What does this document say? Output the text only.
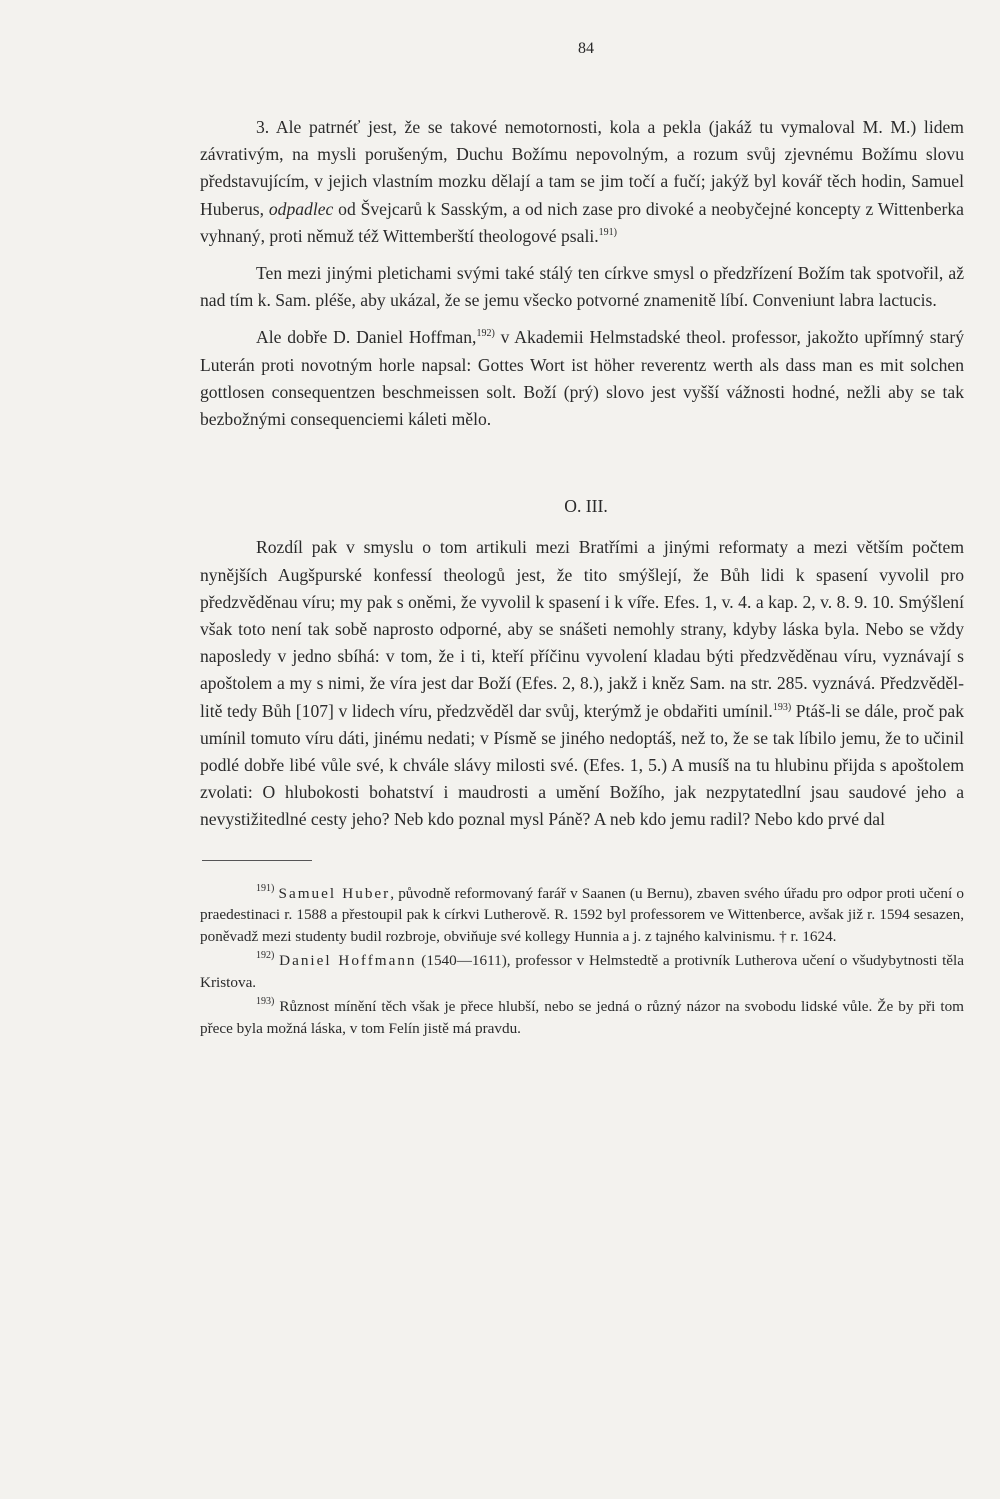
84

3. Ale patrnéť jest, že se takové nemotornosti, kola a pekla (jakáž tu vymaloval M. M.) lidem závrativým, na mysli porušeným, Duchu Božímu nepovolným, a rozum svůj zjevnému Božímu slovu představujícím, v jejich vlastním mozku dělají a tam se jim točí a fučí; jakýž byl kovář těch hodin, Samuel Huberus, odpadlec od Švejcarů k Sasským, a od nich zase pro divoké a neobyčejné koncepty z Wittenberka vyhnaný, proti němuž též Wittemberští theologové psali.$^{191)}$

Ten mezi jinými pletichami svými také stálý ten církve smysl o předzřízení Božím tak spotvořil, až nad tím k. Sam. pléše, aby ukázal, že se jemu všecko potvorné znamenitě líbí. Conveniunt labra lactucis.

Ale dobře D. Daniel Hoffman,$^{192)}$ v Akademii Helmstadské theol. professor, jakožto upřímný starý Luterán proti novotným horle napsal: Gottes Wort ist höher reverentz werth als dass man es mit solchen gottlosen consequentzen beschmeissen solt. Boží (prý) slovo jest vyšší vážnosti hodné, nežli aby se tak bezbožnými consequenciemi káleti mělo.

O. III.

Rozdíl pak v smyslu o tom artikuli mezi Bratřími a jinými reformaty a mezi větším počtem nynějších Augšpurské konfessí theologů jest, že tito smýšlejí, že Bůh lidi k spasení vyvolil pro předzvěděnau víru; my pak s oněmi, že vyvolil k spasení i k víře. Efes. 1, v. 4. a kap. 2, v. 8. 9. 10. Smýšlení však toto není tak sobě naprosto odporné, aby se snášeti nemohly strany, kdyby láska byla. Nebo se vždy naposledy v jedno sbíhá: v tom, že i ti, kteří příčinu vyvolení kladau býti předzvěděnau víru, vyznávají s apoštolem a my s nimi, že víra jest dar Boží (Efes. 2, 8.), jakž i kněz Sam. na str. 285. vyznává. Předzvěděl-litě tedy Bůh [107] v lidech víru, předzvěděl dar svůj, kterýmž je obdařiti umínil.$^{193)}$ Ptáš-li se dále, proč pak umínil tomuto víru dáti, jinému nedati; v Písmě se jiného nedoptáš, než to, že se tak líbilo jemu, že to učinil podlé dobře libé vůle své, k chvále slávy milosti své. (Efes. 1, 5.) A musíš na tu hlubinu přijda s apoštolem zvolati: O hlubokosti bohatství i maudrosti a umění Božího, jak nezpytatedlní jsau saudové jeho a nevystižitedlné cesty jeho? Neb kdo poznal mysl Páně? A neb kdo jemu radil? Nebo kdo prvé dal

$^{191)}$ Samuel Huber, původně reformovaný farář v Saanen (u Bernu), zbaven svého úřadu pro odpor proti učení o praedestinaci r. 1588 a přestoupil pak k církvi Lutherově. R. 1592 byl professorem ve Wittenberce, avšak již r. 1594 sesazen, poněvadž mezi studenty budil rozbroje, obviňuje své kollegy Hunnia a j. z tajného kalvinismu. † r. 1624.

$^{192)}$ Daniel Hoffmann (1540—1611), professor v Helmstedtě a protivník Lutherova učení o všudybytnosti těla Kristova.

$^{193)}$ Různost mínění těch však je přece hlubší, nebo se jedná o různý názor na svobodu lidské vůle. Že by při tom přece byla možná láska, v tom Felín jistě má pravdu.
